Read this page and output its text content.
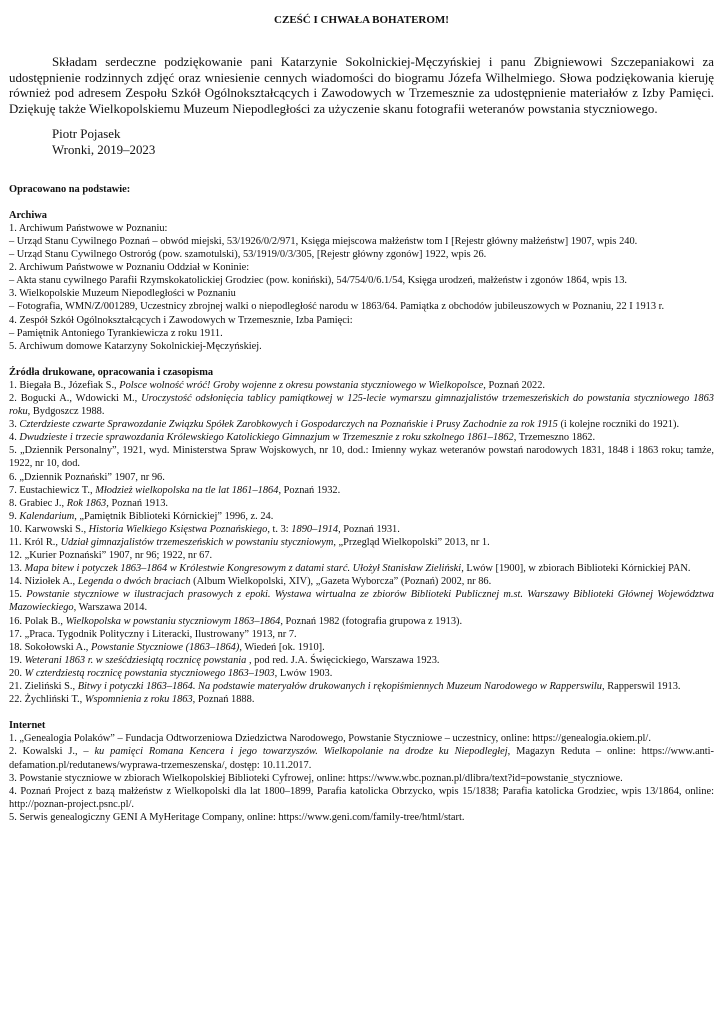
CZEŚĆ I CHWAŁA BOHATEROM!

Składam serdeczne podziękowanie pani Katarzynie Sokolnickiej-Męczyńskiej i panu Zbigniewowi Szczepaniakowi za udostępnienie rodzinnych zdjęć oraz wniesienie cennych wiadomości do biogramu Józefa Wilhelmiego. Słowa podziękowania kieruję również pod adresem Zespołu Szkół Ogólnokształcących i Zawodowych w Trzemesznie za udostępnienie materiałów z Izby Pamięci. Dziękuję także Wielkopolskiemu Muzeum Niepodległości za użyczenie skanu fotografii weteranów powstania styczniowego.

Piotr Pojasek
Wronki, 2019–2023
Opracowano na podstawie:
Archiwa

1. Archiwum Państwowe w Poznaniu:

– Urząd Stanu Cywilnego Poznań – obwód miejski, 53/1926/0/2/971, Księga miejscowa małżeństw tom I [Rejestr główny małżeństw] 1907, wpis 240.

– Urząd Stanu Cywilnego Ostroróg (pow. szamotulski), 53/1919/0/3/305, [Rejestr główny zgonów] 1922, wpis 26.

2. Archiwum Państwowe w Poznaniu Oddział w Koninie:

– Akta stanu cywilnego Parafii Rzymskokatolickiej Grodziec (pow. koniński), 54/754/0/6.1/54, Księga urodzeń, małżeństw i zgonów 1864, wpis 13.

3. Wielkopolskie Muzeum Niepodległości w Poznaniu

– Fotografia, WMN/Z/001289, Uczestnicy zbrojnej walki o niepodległość narodu w 1863/64. Pamiątka z obchodów jubileuszowych w Poznaniu, 22 I 1913 r.

4. Zespół Szkół Ogólnokształcących i Zawodowych w Trzemesznie, Izba Pamięci:

– Pamiętnik Antoniego Tyrankiewicza z roku 1911.

5. Archiwum domowe Katarzyny Sokolnickiej-Męczyńskiej.

Źródła drukowane, opracowania i czasopisma

1. Biegała B., Józefiak S., Polsce wolność wróć! Groby wojenne z okresu powstania styczniowego w Wielkopolsce, Poznań 2022.

2. Bogucki A., Wdowicki M., Uroczystość odsłonięcia tablicy pamiątkowej w 125-lecie wymarszu gimnazjalistów trzemeszeńskich do powstania styczniowego 1863 roku, Bydgoszcz 1988.

3. Czterdzieste czwarte Sprawozdanie Związku Spółek Zarobkowych i Gospodarczych na Poznańskie i Prusy Zachodnie za rok 1915 (i kolejne roczniki do 1921).

4. Dwudzieste i trzecie sprawozdania Królewskiego Katolickiego Gimnazjum w Trzemesznie z roku szkolnego 1861–1862, Trzemeszno 1862.

5. „Dziennik Personalny”, 1921, wyd. Ministerstwa Spraw Wojskowych, nr 10, dod.: Imienny wykaz weteranów powstań narodowych 1831, 1848 i 1863 roku; tamże, 1922, nr 10, dod.

6. „Dziennik Poznański” 1907, nr 96.

7. Eustachiewicz T., Młodzież wielkopolska na tle lat 1861–1864, Poznań 1932.

8. Grabiec J., Rok 1863, Poznań 1913.

9. Kalendarium, „Pamiętnik Biblioteki Kórnickiej” 1996, z. 24.

10. Karwowski S., Historia Wielkiego Księstwa Poznańskiego, t. 3: 1890–1914, Poznań 1931.

11. Król R., Udział gimnazjalistów trzemeszeńskich w powstaniu styczniowym, „Przegląd Wielkopolski” 2013, nr 1.

12. „Kurier Poznański” 1907, nr 96; 1922, nr 67.

13. Mapa bitew i potyczek 1863–1864 w Królestwie Kongresowym z datami starć. Ułożył Stanisław Zieliński, Lwów [1900], w zbiorach Biblioteki Kórnickiej PAN.

14. Niziołek A., Legenda o dwóch braciach (Album Wielkopolski, XIV), „Gazeta Wyborcza” (Poznań) 2002, nr 86.

15. Powstanie styczniowe w ilustracjach prasowych z epoki. Wystawa wirtualna ze zbiorów Biblioteki Publicznej m.st. Warszawy Biblioteki Głównej Województwa Mazowieckiego, Warszawa 2014.

16. Polak B., Wielkopolska w powstaniu styczniowym 1863–1864, Poznań 1982 (fotografia grupowa z 1913).

17. „Praca. Tygodnik Polityczny i Literacki, Ilustrowany” 1913, nr 7.

18. Sokołowski A., Powstanie Styczniowe (1863–1864), Wiedeń [ok. 1910].

19. Weterani 1863 r. w sześćdziesiątą rocznicę powstania , pod red. J.A. Święcickiego, Warszawa 1923.

20. W czterdziestą rocznicę powstania styczniowego 1863–1903, Lwów 1903.

21. Zieliński S., Bitwy i potyczki 1863–1864. Na podstawie materyałów drukowanych i rękopiśmiennych Muzeum Narodowego w Rapperswilu, Rapperswil 1913.

22. Żychliński T., Wspomnienia z roku 1863, Poznań 1888.

Internet

1. „Genealogia Polaków” – Fundacja Odtworzeniowa Dziedzictwa Narodowego, Powstanie Styczniowe – uczestnicy, online: https://genealogia.okiem.pl/.

2. Kowalski J., – ku pamięci Romana Kencera i jego towarzyszów. Wielkopolanie na drodze ku Niepodległej, Magazyn Reduta – online: https://www.anti-defamation.pl/redutanews/wyprawa-trzemeszenska/, dostęp: 10.11.2017.

3. Powstanie styczniowe w zbiorach Wielkopolskiej Biblioteki Cyfrowej, online: https://www.wbc.poznan.pl/dlibra/text?id=powstanie_styczniowe.

4. Poznań Project z bazą małżeństw z Wielkopolski dla lat 1800–1899, Parafia katolicka Obrzycko, wpis 15/1838; Parafia katolicka Grodziec, wpis 13/1864, online: http://poznan-project.psnc.pl/.

5. Serwis genealogiczny GENI A MyHeritage Company, online: https://www.geni.com/family-tree/html/start.
